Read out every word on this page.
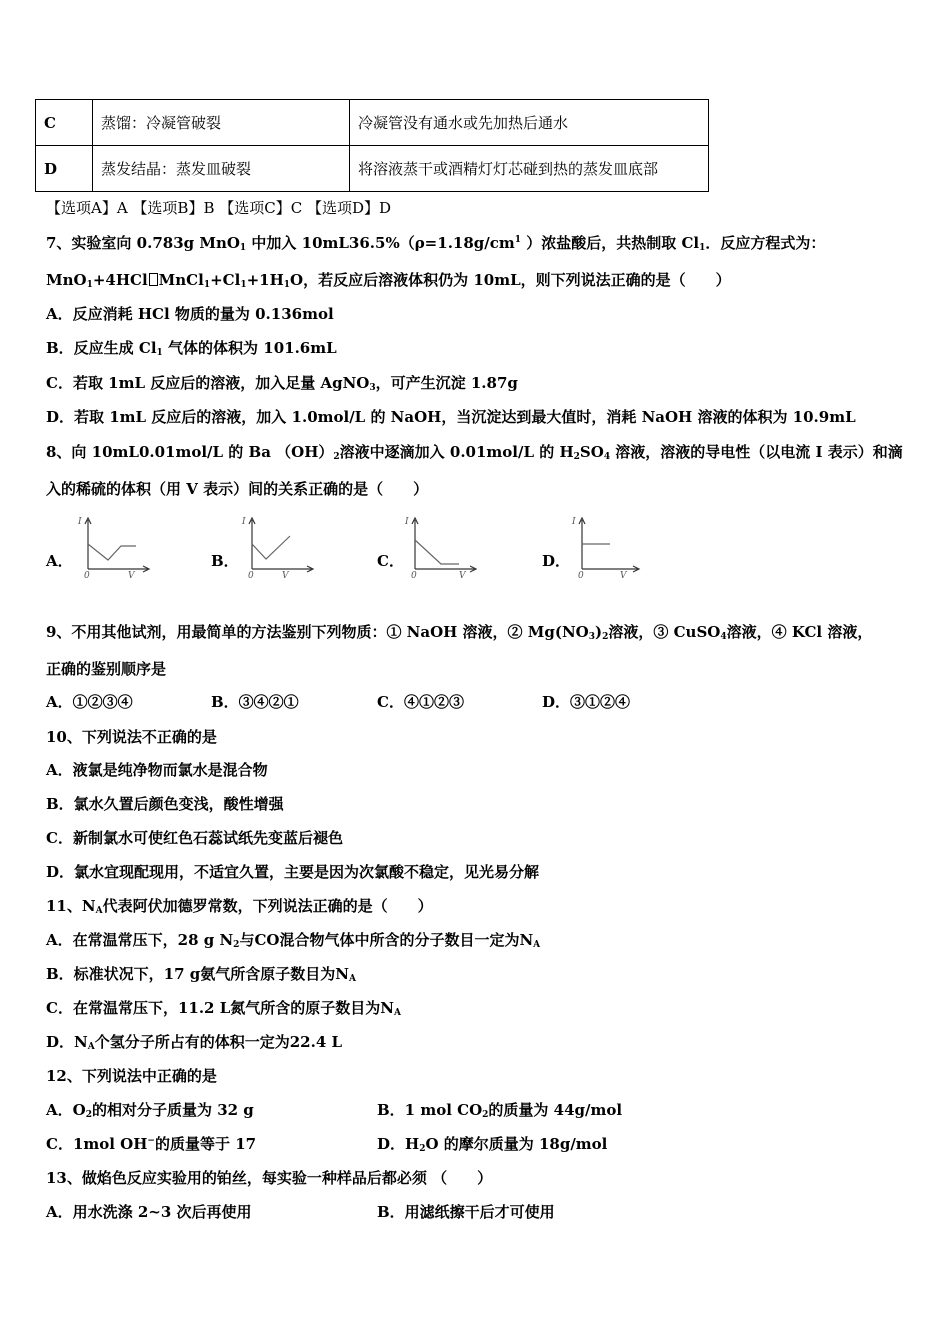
C	蒸馏：冷凝管破裂	冷凝管没有通水或先加热后通水
D	蒸发结晶：蒸发皿破裂	将溶液蒸干或酒精灯灯芯碰到热的蒸发皿底部
【选项A】A 【选项B】B 【选项C】C 【选项D】D
7、实验室向 0.783g MnO$_1$ 中加入 $10mL36.5\%(\rho=1.18g/cm^1$ ）浓盐酸后，共热制取 $Cl_1$．反应方程式为：
MnO$_1$+4HCl $MnCl_1+Cl_1+1H_1O$，若反应后溶液体积仍为 10mL，则下列说法正确的是（　　）
A．反应消耗 HCl 物质的量为 0.136mol
B．反应生成 $Cl_1$ 气体的体积为 101.6mL
C．若取 1mL 反应后的溶液，加入足量 AgNO$_3$，可产生沉淀 1.87g
D．若取 1mL 反应后的溶液，加入 1.0mol/L 的 NaOH，当沉淀达到最大值时，消耗 NaOH 溶液的体积为 10.9mL
8、向 10mL0.01mol/L 的 Ba $(OH)_2$溶液中逐滴加入 0.01mol/L 的 $H_2SO_4$ 溶液，溶液的导电性（以电流 I 表示）和滴
入的稀硫的体积（用 V 表示）间的关系正确的是（　　）
A．
I
0	V
B．
I
0	V
C．
I
0	V
D．
I
0	V
9、不用其他试剂，用最简单的方法鉴别下列物质：① NaOH 溶液，② $Mg(NO_3)_2$溶液，③ CuSO$_4$溶液，④ KCl 溶液，
正确的鉴别顺序是
A．①②③④	B．③④②①	C．④①②③	D．③①②④
10、下列说法不正确的是
A．液氯是纯净物而氯水是混合物
B．氯水久置后颜色变浅，酸性增强
C．新制氯水可使红色石蕊试纸先变蓝后褪色
D．氯水宜现配现用，不适宜久置，主要是因为次氯酸不稳定，见光易分解
11、$N_A$代表阿伏加德罗常数，下列说法正确的是（　　）
A．在常温常压下，28 g $N_2$与CO混合物气体中所含的分子数目一定为$N_A$
B．标准状况下，17 g氨气所含原子数目为$N_A$
C．在常温常压下，11.2 L氮气所含的原子数目为$N_A$
D．$N_A$个氢分子所占有的体积一定为22.4 L
12、下列说法中正确的是
A．$O_2$的相对分子质量为 32 g	B．1 mol $CO_2$的质量为 44g/mol
C．1mol OH−的质量等于 17	D．$H_2O$ 的摩尔质量为 18g/mol
13、做焰色反应实验用的铂丝，每实验一种样品后都必须 （　　）
A．用水洗涤 2~3 次后再使用	B．用滤纸擦干后才可使用
